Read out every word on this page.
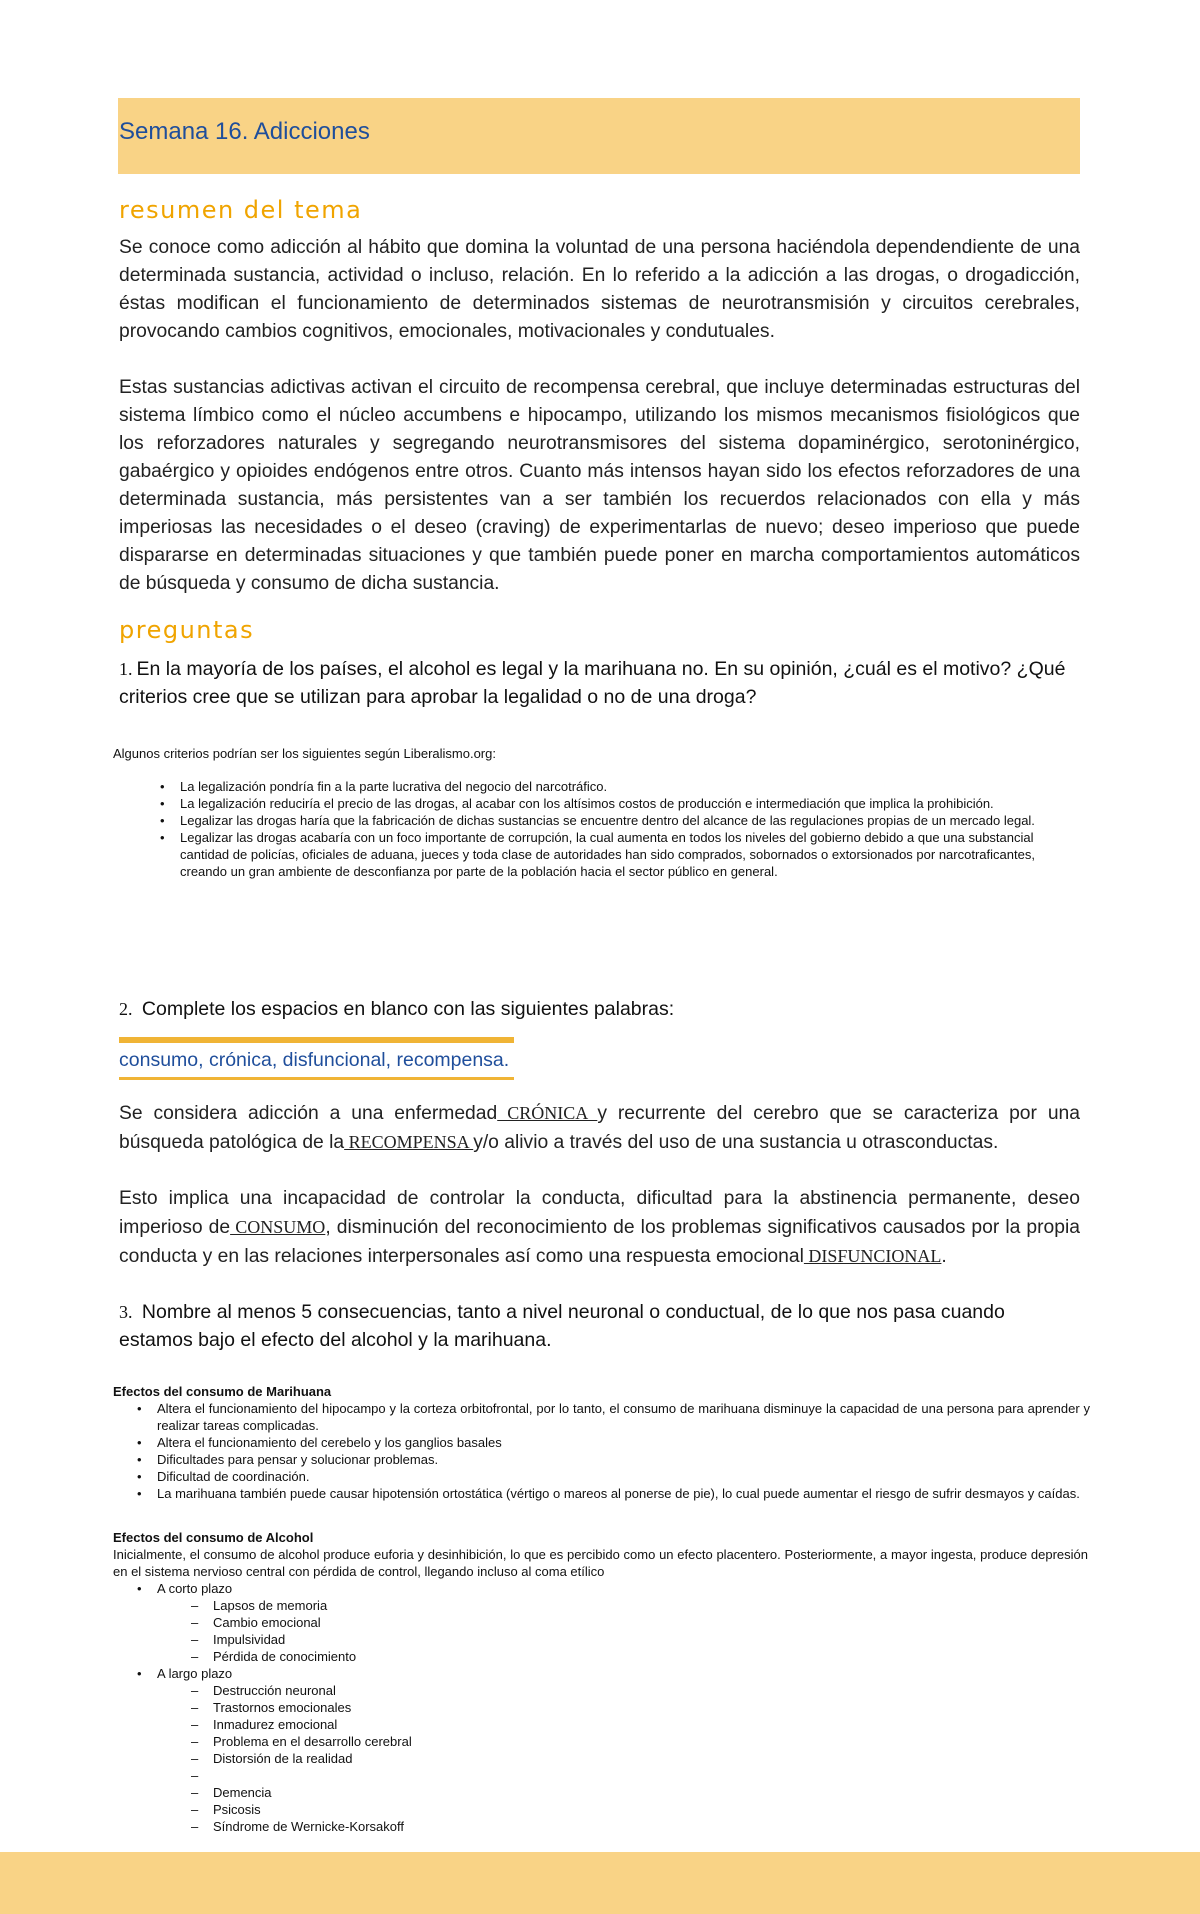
Semana 16. Adicciones
resumen del tema
Se conoce como adicción al hábito que domina la voluntad de una persona haciéndola dependendiente de una determinada sustancia, actividad o incluso, relación. En lo referido a la adicción a las drogas, o drogadicción, éstas modifican el funcionamiento de determinados sistemas de neurotransmisión y circuitos cerebrales, provocando cambios cognitivos, emocionales, motivacionales y condutuales.
Estas sustancias adictivas activan el circuito de recompensa cerebral, que incluye determinadas estructuras del sistema límbico como el núcleo accumbens e hipocampo, utilizando los mismos mecanismos fisiológicos que los reforzadores naturales y segregando neurotransmisores del sistema dopaminérgico, serotoninérgico, gabaérgico y opioides endógenos entre otros. Cuanto más intensos hayan sido los efectos reforzadores de una determinada sustancia, más persistentes van a ser también los recuerdos relacionados con ella y más imperiosas las necesidades o el deseo (craving) de experimentarlas de nuevo; deseo imperioso que puede dispararse en determinadas situaciones y que también puede poner en marcha comportamientos automáticos de búsqueda y consumo de dicha sustancia.
preguntas
1. En la mayoría de los países, el alcohol es legal y la marihuana no. En su opinión, ¿cuál es el motivo? ¿Qué criterios cree que se utilizan para aprobar la legalidad o no de una droga?
Algunos criterios podrían ser los siguientes según Liberalismo.org:
• La legalización pondría fin a la parte lucrativa del negocio del narcotráfico.
• La legalización reduciría el precio de las drogas, al acabar con los altísimos costos de producción e intermediación que implica la prohibición.
• Legalizar las drogas haría que la fabricación de dichas sustancias se encuentre dentro del alcance de las regulaciones propias de un mercado legal.
• Legalizar las drogas acabaría con un foco importante de corrupción, la cual aumenta en todos los niveles del gobierno debido a que una substancial cantidad de policías, oficiales de aduana, jueces y toda clase de autoridades han sido comprados, sobornados o extorsionados por narcotraficantes, creando un gran ambiente de desconfianza por parte de la población hacia el sector público en general.
2. Complete los espacios en blanco con las siguientes palabras:
consumo, crónica, disfuncional, recompensa.
Se considera adicción a una enfermedad CRÓNICA y recurrente del cerebro que se caracteriza por una búsqueda patológica de la RECOMPENSA y/o alivio a través del uso de una sustancia u otrasconductas.
Esto implica una incapacidad de controlar la conducta, dificultad para la abstinencia permanente, deseo imperioso de CONSUMO, disminución del reconocimiento de los problemas significativos causados por la propia conducta y en las relaciones interpersonales así como una respuesta emocional DISFUNCIONAL.
3. Nombre al menos 5 consecuencias, tanto a nivel neuronal o conductual, de lo que nos pasa cuando estamos bajo el efecto del alcohol y la marihuana.
Efectos del consumo de Marihuana
• Altera el funcionamiento del hipocampo y la corteza orbitofrontal, por lo tanto, el consumo de marihuana disminuye la capacidad de una persona para aprender y realizar tareas complicadas.
• Altera el funcionamiento del cerebelo y los ganglios basales
• Dificultades para pensar y solucionar problemas.
• Dificultad de coordinación.
• La marihuana también puede causar hipotensión ortostática (vértigo o mareos al ponerse de pie), lo cual puede aumentar el riesgo de sufrir desmayos y caídas.
Efectos del consumo de Alcohol
Inicialmente, el consumo de alcohol produce euforia y desinhibición, lo que es percibido como un efecto placentero. Posteriormente, a mayor ingesta, produce depresión en el sistema nervioso central con pérdida de control, llegando incluso al coma etílico
• A corto plazo
– Lapsos de memoria
– Cambio emocional
– Impulsividad
– Pérdida de conocimiento
• A largo plazo
– Destrucción neuronal
– Trastornos emocionales
– Inmadurez emocional
– Problema en el desarrollo cerebral
– Distorsión de la realidad
–
– Demencia
– Psicosis
– Síndrome de Wernicke-Korsakoff
